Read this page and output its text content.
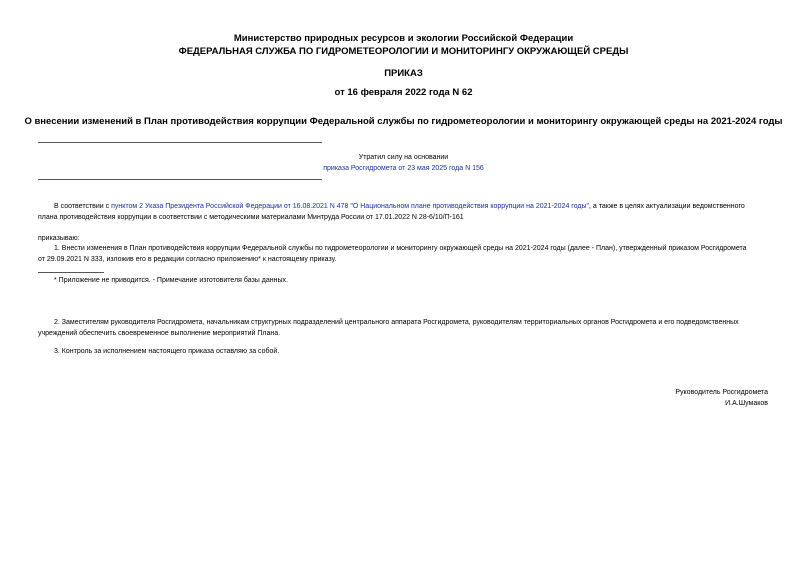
Министерство природных ресурсов и экологии Российской Федерации
ФЕДЕРАЛЬНАЯ СЛУЖБА ПО ГИДРОМЕТЕОРОЛОГИИ И МОНИТОРИНГУ ОКРУЖАЮЩЕЙ СРЕДЫ
ПРИКАЗ
от 16 февраля 2022 года N 62
О внесении изменений в План противодействия коррупции Федеральной службы по гидрометеорологии и мониторингу окружающей среды на 2021-2024 годы
Утратил силу на основании
приказа Росгидромета от 23 мая 2025 года N 156
В соответствии с пунктом 2 Указа Президента Российской Федерации от 16.08.2021 N 478 "О Национальном плане противодействия коррупции на 2021-2024 годы", а также в целях актуализации ведомственного
плана противодействия коррупции в соответствии с методическими материалами Минтруда России от 17.01.2022 N 28-6/10/П-161
приказываю:
1. Внести изменения в План противодействия коррупции Федеральной службы по гидрометеорологии и мониторингу окружающей среды на 2021-2024 годы (далее - План), утвержденный приказом Росгидромета
от 29.09.2021 N 333, изложив его в редакции согласно приложению* к настоящему приказу.
* Приложение не приводится. - Примечание изготовителя базы данных.
2. Заместителям руководителя Росгидромета, начальникам структурных подразделений центрального аппарата Росгидромета, руководителям территориальных органов Росгидромета и его подведомственных
учреждений обеспечить своевременное выполнение мероприятий Плана.
3. Контроль за исполнением настоящего приказа оставляю за собой.
Руководитель Росгидромета
И.А.Шумаков
